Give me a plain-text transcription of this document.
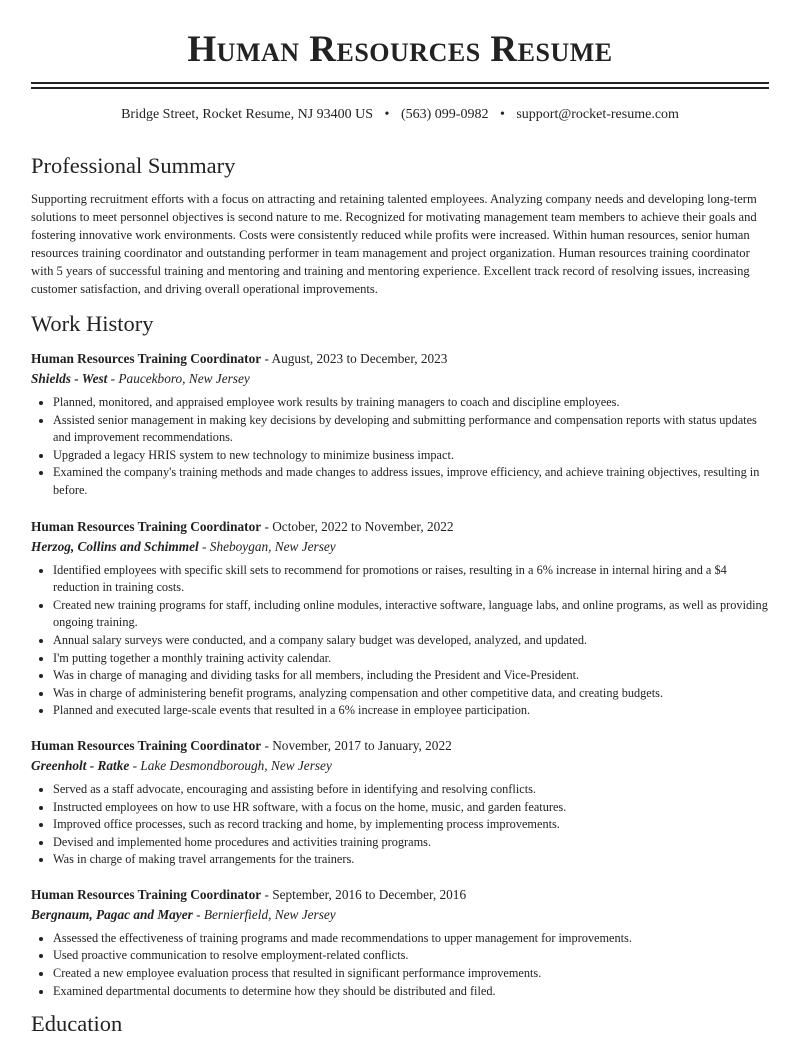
Human Resources Resume
Bridge Street, Rocket Resume, NJ 93400 US • (563) 099-0982 • support@rocket-resume.com
Professional Summary

Supporting recruitment efforts with a focus on attracting and retaining talented employees. Analyzing company needs and developing long-term solutions to meet personnel objectives is second nature to me. Recognized for motivating management team members to achieve their goals and fostering innovative work environments. Costs were consistently reduced while profits were increased. Within human resources, senior human resources training coordinator and outstanding performer in team management and project organization. Human resources training coordinator with 5 years of successful training and mentoring and training and mentoring experience. Excellent track record of resolving issues, increasing customer satisfaction, and driving overall operational improvements.

Work History
Human Resources Training Coordinator - August, 2023 to December, 2023
Shields - West - Paucekboro, New Jersey
• Planned, monitored, and appraised employee work results by training managers to coach and discipline employees.
• Assisted senior management in making key decisions by developing and submitting performance and compensation reports with status updates and improvement recommendations.
• Upgraded a legacy HRIS system to new technology to minimize business impact.
• Examined the company's training methods and made changes to address issues, improve efficiency, and achieve training objectives, resulting in before.
Human Resources Training Coordinator - October, 2022 to November, 2022
Herzog, Collins and Schimmel - Sheboygan, New Jersey
• Identified employees with specific skill sets to recommend for promotions or raises, resulting in a 6% increase in internal hiring and a $4 reduction in training costs.
• Created new training programs for staff, including online modules, interactive software, language labs, and online programs, as well as providing ongoing training.
• Annual salary surveys were conducted, and a company salary budget was developed, analyzed, and updated.
• I'm putting together a monthly training activity calendar.
• Was in charge of managing and dividing tasks for all members, including the President and Vice-President.
• Was in charge of administering benefit programs, analyzing compensation and other competitive data, and creating budgets.
• Planned and executed large-scale events that resulted in a 6% increase in employee participation.
Human Resources Training Coordinator - November, 2017 to January, 2022
Greenholt - Ratke - Lake Desmondborough, New Jersey
• Served as a staff advocate, encouraging and assisting before in identifying and resolving conflicts.
• Instructed employees on how to use HR software, with a focus on the home, music, and garden features.
• Improved office processes, such as record tracking and home, by implementing process improvements.
• Devised and implemented home procedures and activities training programs.
• Was in charge of making travel arrangements for the trainers.
Human Resources Training Coordinator - September, 2016 to December, 2016
Bergnaum, Pagac and Mayer - Bernierfield, New Jersey
• Assessed the effectiveness of training programs and made recommendations to upper management for improvements.
• Used proactive communication to resolve employment-related conflicts.
• Created a new employee evaluation process that resulted in significant performance improvements.
• Examined departmental documents to determine how they should be distributed and filed.
Education
